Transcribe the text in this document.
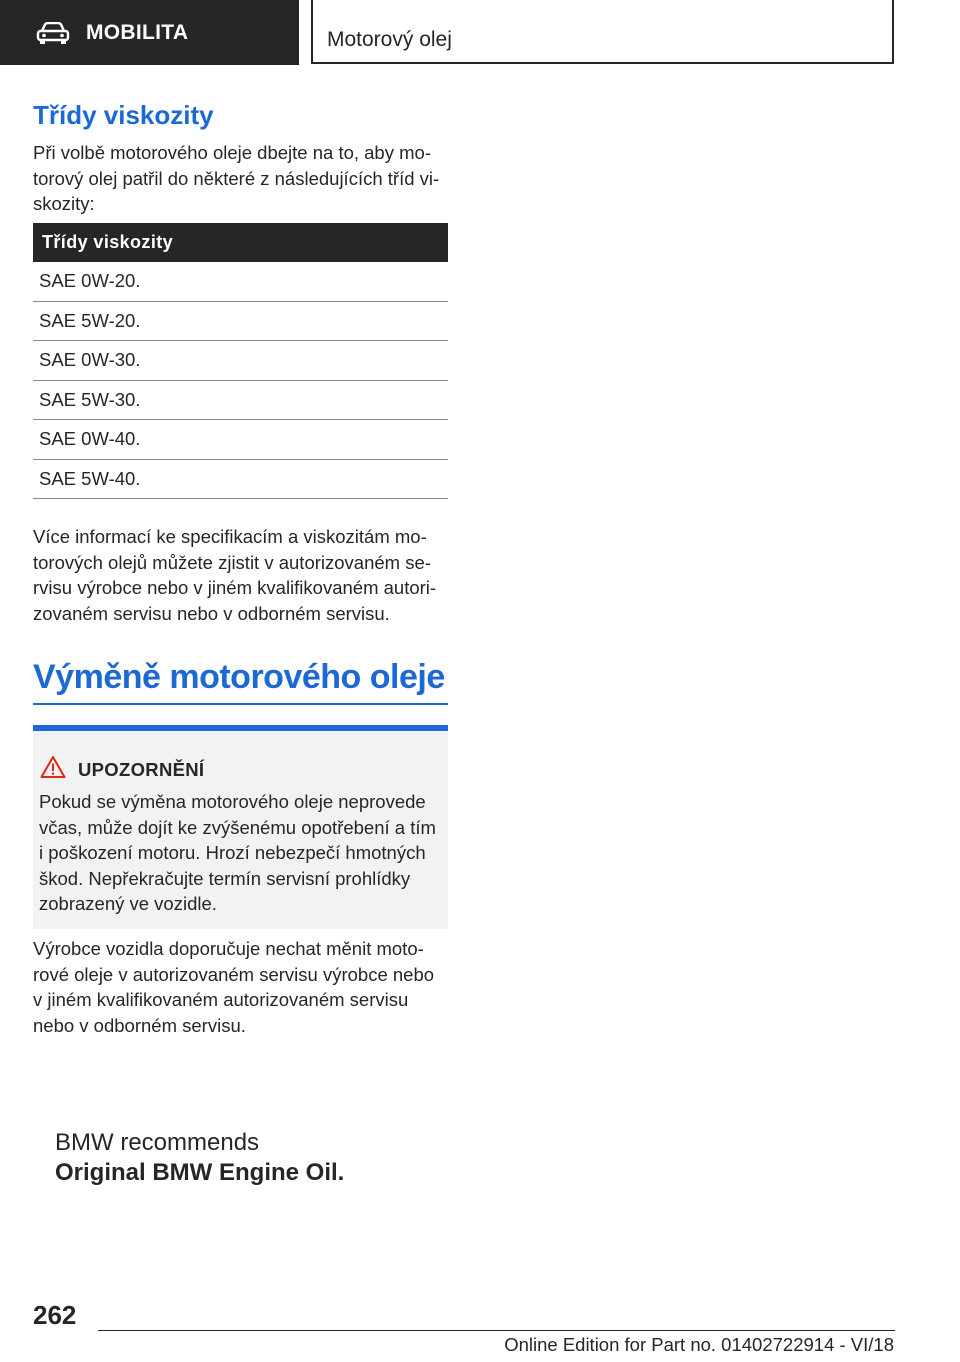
MOBILITA	Motorový olej
Třídy viskozity

Při volbě motorového oleje dbejte na to, aby motorový olej patřil do některé z následujících tříd viskozity:

Třídy viskozity
SAE 0W-20.
SAE 5W-20.
SAE 0W-30.
SAE 5W-30.
SAE 0W-40.
SAE 5W-40.

Více informací ke specifikacím a viskozitám motorových olejů můžete zjistit v autorizovaném servisu výrobce nebo v jiném kvalifikovaném autorizovaném servisu nebo v odborném servisu.

Výměně motorového oleje
UPOZORNĚNÍ

Pokud se výměna motorového oleje neprovede včas, může dojít ke zvýšenému opotřebení a tím i poškození motoru. Hrozí nebezpečí hmotných škod. Nepřekračujte termín servisní prohlídky zobrazený ve vozidle.

Výrobce vozidla doporučuje nechat měnit motorové oleje v autorizovaném servisu výrobce nebo v jiném kvalifikovaném autorizovaném servisu nebo v odborném servisu.

BMW recommends
Original BMW Engine Oil.
262
Online Edition for Part no. 01402722914 - VI/18
